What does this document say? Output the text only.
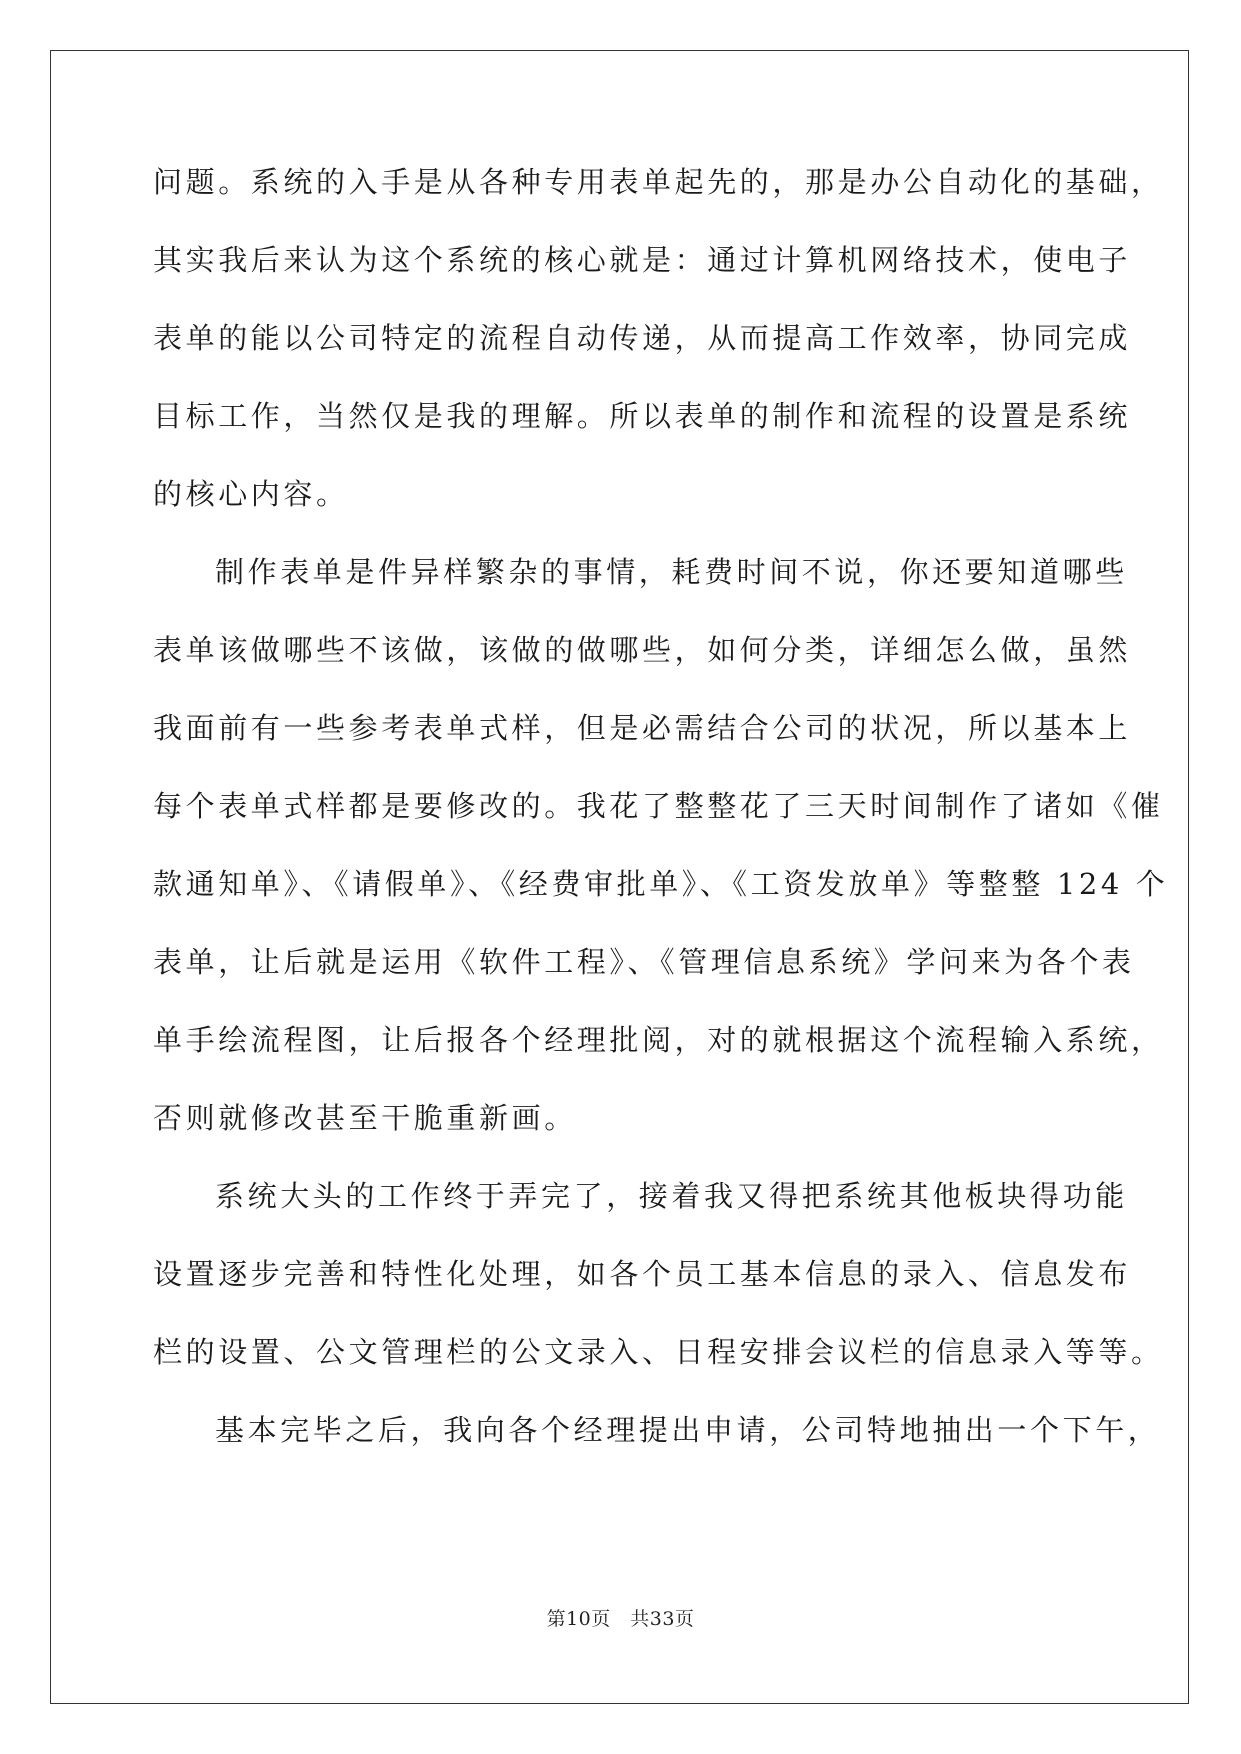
问题。系统的入手是从各种专用表单起先的，那是办公自动化的基础，
其实我后来认为这个系统的核心就是：通过计算机网络技术，使电子
表单的能以公司特定的流程自动传递，从而提高工作效率，协同完成
目标工作，当然仅是我的理解。所以表单的制作和流程的设置是系统
的核心内容。
制作表单是件异样繁杂的事情，耗费时间不说，你还要知道哪些
表单该做哪些不该做，该做的做哪些，如何分类，详细怎么做，虽然
我面前有一些参考表单式样，但是必需结合公司的状况，所以基本上
每个表单式样都是要修改的。我花了整整花了三天时间制作了诸如《催
款通知单》、《请假单》、《经费审批单》、《工资发放单》等整整 124 个
表单，让后就是运用《软件工程》、《管理信息系统》学问来为各个表
单手绘流程图，让后报各个经理批阅，对的就根据这个流程输入系统，
否则就修改甚至干脆重新画。
系统大头的工作终于弄完了，接着我又得把系统其他板块得功能
设置逐步完善和特性化处理，如各个员工基本信息的录入、信息发布
栏的设置、公文管理栏的公文录入、日程安排会议栏的信息录入等等。
基本完毕之后，我向各个经理提出申请，公司特地抽出一个下午，
第10页　共33页
